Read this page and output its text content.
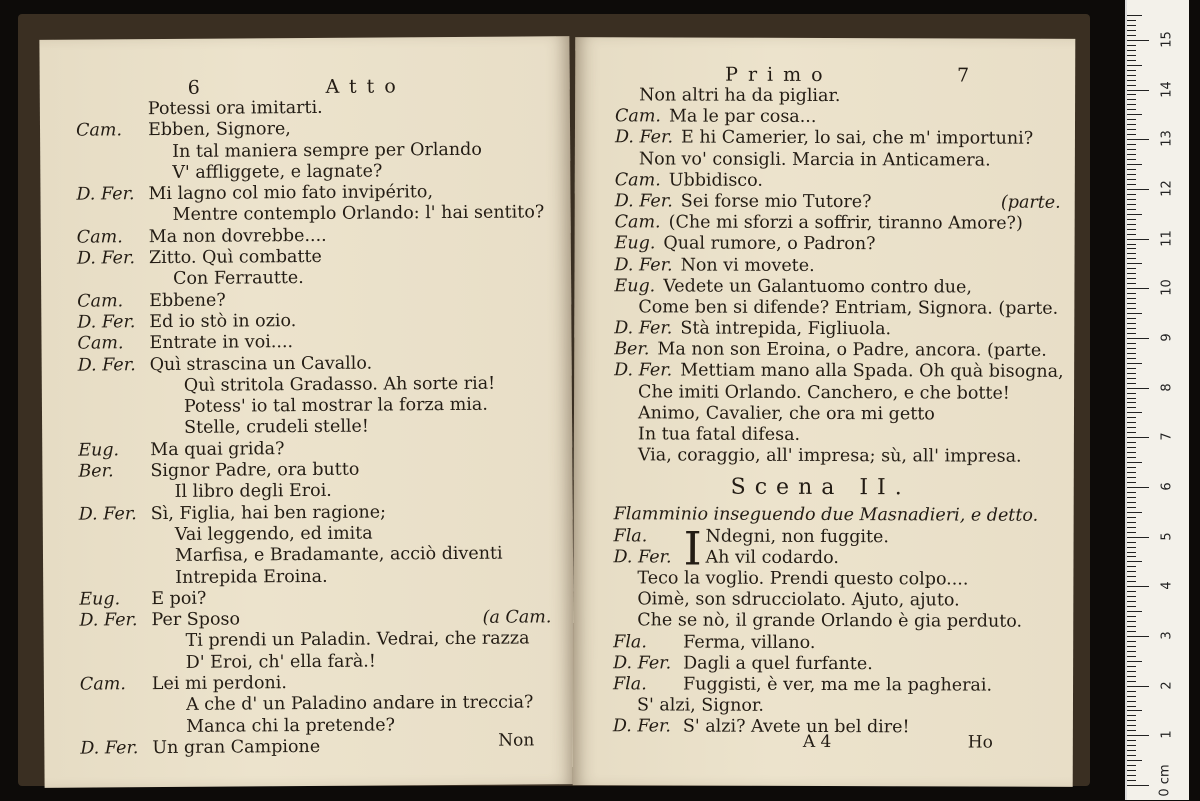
6	Atto
Potessi ora imitarti.
Cam. Ebben, Signore,
In tal maniera sempre per Orlando
V' affliggete, e lagnate?
D. Fer. Mi lagno col mio fato invipérito,
Mentre contemplo Orlando: l' hai sentito?
Cam. Ma non dovrebbe....
D. Fer. Zitto. Quì combatte
Con Ferrautte.
Cam. Ebbene?
D. Fer. Ed io stò in ozio.
Cam. Entrate in voi....
D. Fer. Quì strascina un Cavallo.
Quì stritola Gradasso. Ah sorte ria!
Potess' io tal mostrar la forza mia.
Stelle, crudeli stelle!
Eug. Ma quai grida?
Ber. Signor Padre, ora butto
Il libro degli Eroi.
D. Fer. Sì, Figlia, hai ben ragione;
Vai leggendo, ed imita
Marfisa, e Bradamante, acciò diventi
Intrepida Eroina.
Eug. E poi?
D. Fer. Per Sposo	(a Cam.
Ti prendi un Paladin. Vedrai, che razza
D' Eroi, ch' ella farà.!
Cam. Lei mi perdoni.
A che d' un Paladino andare in treccia?
Manca chi la pretende?
D. Fer. Un gran Campione	Non
Primo	7
Non altri ha da pigliar.
Cam. Ma le par cosa...
D. Fer. E hi Camerier, lo sai, che m' importuni?
Non vo' consigli. Marcia in Anticamera.
Cam. Ubbidisco.
D. Fer. Sei forse mio Tutore?	(parte.
Cam. (Che mi sforzi a soffrir, tiranno Amore?)
Eug. Qual rumore, o Padron?
D. Fer. Non vi movete.
Eug. Vedete un Galantuomo contro due,
Come ben si difende? Entriam, Signora. (parte.
D. Fer. Stà intrepida, Figliuola.
Ber. Ma non son Eroina, o Padre, ancora. (parte.
D. Fer. Mettiam mano alla Spada. Oh quà bisogna,
Che imiti Orlando. Canchero, e che botte!
Animo, Cavalier, che ora mi getto
In tua fatal difesa.
Via, coraggio, all' impresa; sù, all' impresa.
Scena II.
Flamminio inseguendo due Masnadieri, e detto.
Fla.	Ndegni, non fuggite.
D. Fer. Ah vil codardo.
Teco la voglio. Prendi questo colpo....
Oimè, son sdrucciolato. Ajuto, ajuto.
Che se nò, il grande Orlando è gia perduto.
Fla. Ferma, villano.
D. Fer. Dagli a quel furfante.
Fla. Fuggisti, è ver, ma me la pagherai.
S' alzi, Signor.
D. Fer. S' alzi? Avete un bel dire!
I
A 4	Ho
0 cm
1
2
3
4
5
6
7
8
9
10
11
12
13
14
15
